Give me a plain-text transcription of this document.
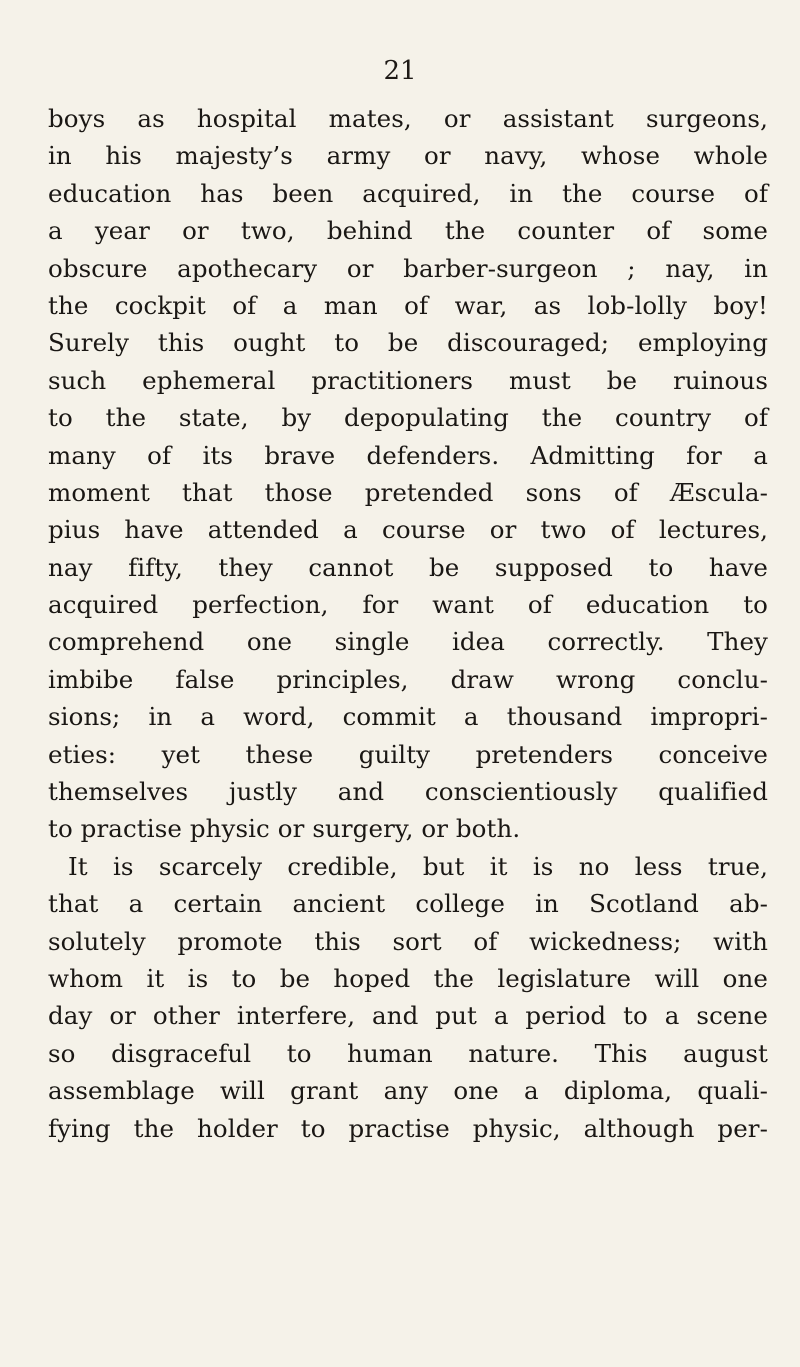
21
boys as hospital mates, or assistant surgeons,
in his majesty’s army or navy, whose whole
education has been acquired, in the course of
a year or two, behind the counter of some
obscure apothecary or barber-surgeon ; nay, in
the cockpit of a man of war, as lob-lolly boy!
Surely this ought to be discouraged; employing
such ephemeral practitioners must be ruinous
to the state, by depopulating the country of
many of its brave defenders. Admitting for a
moment that those pretended sons of Æscula-
pius have attended a course or two of lectures,
nay fifty, they cannot be supposed to have
acquired perfection, for want of education to
comprehend one single idea correctly. They
imbibe false principles, draw wrong conclu-
sions; in a word, commit a thousand impropri-
eties: yet these guilty pretenders conceive
themselves justly and conscientiously qualified
to practise physic or surgery, or both.
It is scarcely credible, but it is no less true,
that a certain ancient college in Scotland ab-
solutely promote this sort of wickedness; with
whom it is to be hoped the legislature will one
day or other interfere, and put a period to a scene
so disgraceful to human nature. This august
assemblage will grant any one a diploma, quali-
fying the holder to practise physic, although per-
